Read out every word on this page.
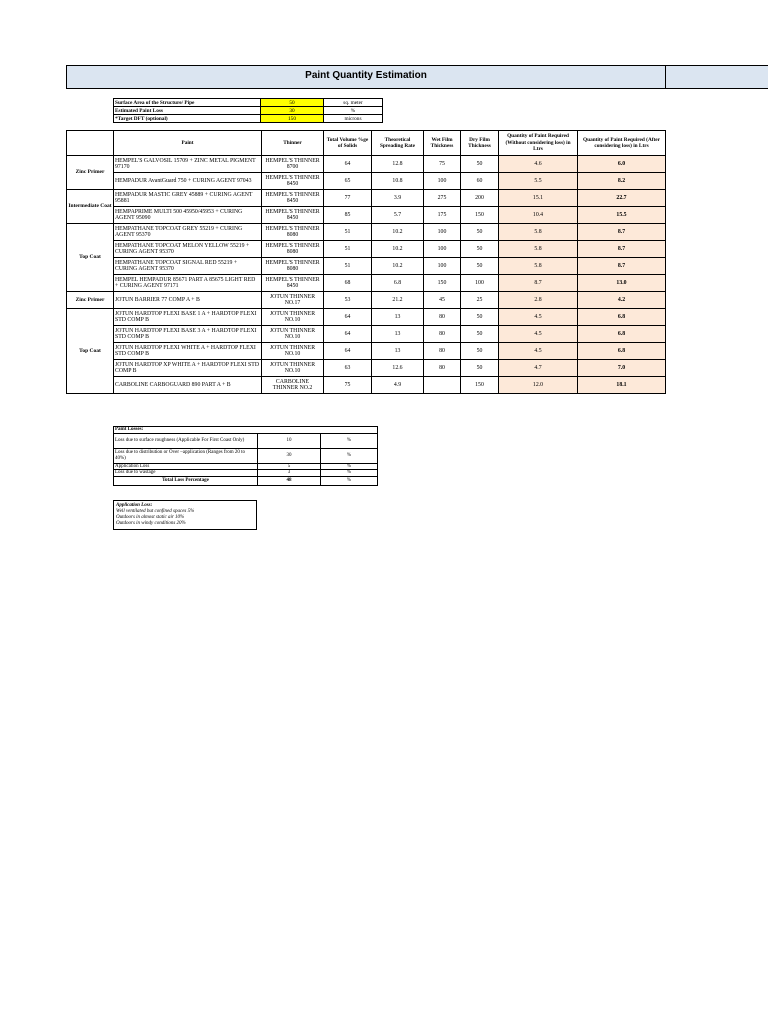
Paint Quantity Estimation
Surface Area of the Structure/ Pipe	50	sq. meter
Estimated Paint Loss	30	%
*Target DFT (optional)	150	microns
	Paint	Thinner	Total Volume %ge of Solids	Theoretical Spreading Rate	Wet Film Thickness	Dry Film Thickness	Quantity of Paint Required (Without considering loss) in Ltrs	Quantity of Paint Required (After considering loss) in Ltrs
Zinc Primer	HEMPEL'S GALVOSIL 15709 + ZINC METAL PIGMENT 97170	HEMPEL'S THINNER 8700	64	12.8	75	50	4.6	6.0
	HEMPADUR AvantGuard 750 + CURING AGENT 97043	HEMPEL'S THINNER 8450	65	10.8	100	60	5.5	8.2
Intermediate Coat	HEMPADUR MASTIC GREY 45889 + CURING AGENT 95881	HEMPEL'S THINNER 8450	77	3.9	275	200	15.1	22.7
	HEMPAPRIME MULTI 500 45950/45953 + CURING AGENT 95090	HEMPEL'S THINNER 8450	85	5.7	175	150	10.4	15.5
Top Coat	HEMPATHANE TOPCOAT GREY 55219 + CURING AGENT 95370	HEMPEL'S THINNER 8080	51	10.2	100	50	5.8	8.7
	HEMPATHANE TOPCOAT MELON YELLOW 55219 + CURING AGENT 95370	HEMPEL'S THINNER 8080	51	10.2	100	50	5.8	8.7
	HEMPATHANE TOPCOAT SIGNAL RED 55219 + CURING AGENT 95370	HEMPEL'S THINNER 8080	51	10.2	100	50	5.8	8.7
	HEMPEL HEMPADUR 85671 PART A 85675 LIGHT RED + CURING AGENT 97171	HEMPEL'S THINNER 8450	68	6.8	150	100	8.7	13.0
Zinc Primer	JOTUN BARRIER 77 COMP A + B	JOTUN THINNER NO.17	53	21.2	45	25	2.8	4.2
Top Coat	JOTUN HARDTOP FLEXI BASE 1 A + HARDTOP FLEXI STD COMP B	JOTUN THINNER NO.10	64	13	80	50	4.5	6.8
	JOTUN HARDTOP FLEXI BASE 3 A + HARDTOP FLEXI STD COMP B	JOTUN THINNER NO.10	64	13	80	50	4.5	6.8
	JOTUN HARDTOP FLEXI WHITE A + HARDTOP FLEXI STD COMP B	JOTUN THINNER NO.10	64	13	80	50	4.5	6.8
	JOTUN HARDTOP XP WHITE A + HARDTOP FLEXI STD COMP B	JOTUN THINNER NO.10	63	12.6	80	50	4.7	7.0
	CARBOLINE CARBOGUARD 890 PART A + B	CARBOLINE THINNER NO.2	75	4.9		150	12.0	18.1
Paint Losses:		
Loss due to surface roughness (Applicable For First Coast Only)	10	%
Loss due to distribution or Over –application (Ranges from 20 to 40%)	30	%
Application Loss	5	%
Loss due to wastage	3	%
Total Loss Percentage	48	%
Application Loss:
Well ventilated but confined spaces 5%
Outdoors in almost static air 10%
Outdoors in windy conditions 20%
